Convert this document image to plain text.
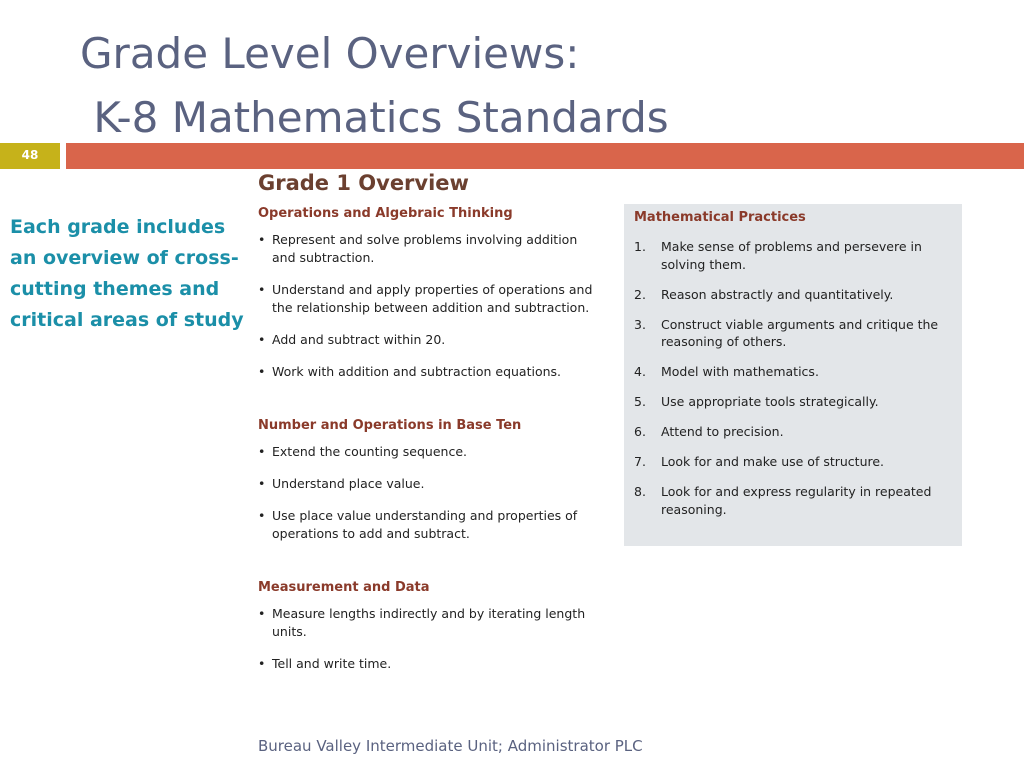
Grade Level Overviews:
K-8 Mathematics Standards
48
Each grade includes an overview of cross-cutting themes and critical areas of study
Grade 1 Overview
Operations and Algebraic Thinking
• Represent and solve problems involving addition and subtraction.
• Understand and apply properties of operations and the relationship between addition and subtraction.
• Add and subtract within 20.
• Work with addition and subtraction equations.
Number and Operations in Base Ten
• Extend the counting sequence.
• Understand place value.
• Use place value understanding and properties of operations to add and subtract.
Measurement and Data
• Measure lengths indirectly and by iterating length units.
• Tell and write time.
Mathematical Practices
1. Make sense of problems and persevere in solving them.
2. Reason abstractly and quantitatively.
3. Construct viable arguments and critique the reasoning of others.
4. Model with mathematics.
5. Use appropriate tools strategically.
6. Attend to precision.
7. Look for and make use of structure.
8. Look for and express regularity in repeated reasoning.
Bureau Valley Intermediate Unit; Administrator PLC
